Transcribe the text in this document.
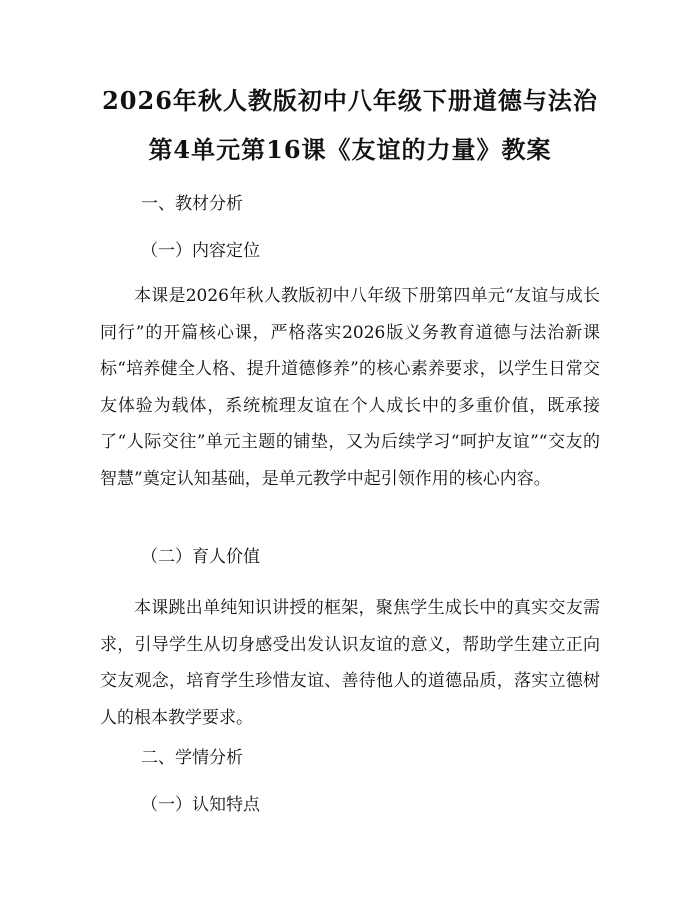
2026年秋人教版初中八年级下册道德与法治
第4单元第16课《友谊的力量》教案
一、教材分析
（一）内容定位
本课是2026年秋人教版初中八年级下册第四单元“友谊与成长同行”的开篇核心课，严格落实2026版义务教育道德与法治新课标“培养健全人格、提升道德修养”的核心素养要求，以学生日常交友体验为载体，系统梳理友谊在个人成长中的多重价值，既承接了“人际交往”单元主题的铺垫，又为后续学习“呵护友谊”“交友的智慧”奠定认知基础，是单元教学中起引领作用的核心内容。
（二）育人价值
本课跳出单纯知识讲授的框架，聚焦学生成长中的真实交友需求，引导学生从切身感受出发认识友谊的意义，帮助学生建立正向交友观念，培育学生珍惜友谊、善待他人的道德品质，落实立德树人的根本教学要求。
二、学情分析
（一）认知特点
